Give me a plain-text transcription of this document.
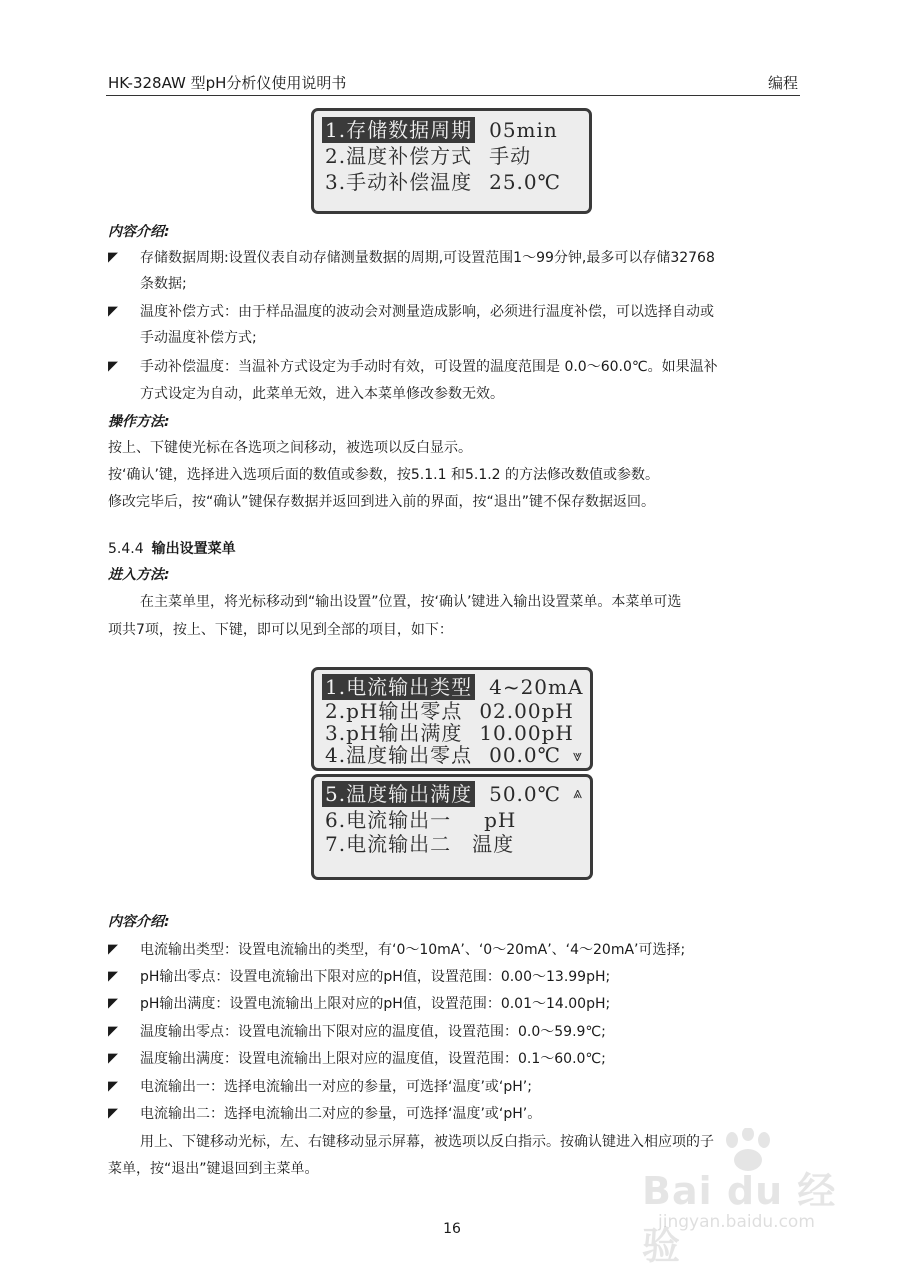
HK-328AW 型pH分析仪使用说明书	编程
1.存储数据周期 05min
2.温度补偿方式 手动
3.手动补偿温度 25.0℃
内容介绍:
◤ 存储数据周期:设置仪表自动存储测量数据的周期,可设置范围1～99分钟,最多可以存储32768
条数据;
◤ 温度补偿方式：由于样品温度的波动会对测量造成影响，必须进行温度补偿，可以选择自动或
手动温度补偿方式;
◤ 手动补偿温度：当温补方式设定为手动时有效，可设置的温度范围是 0.0～60.0℃。如果温补
方式设定为自动，此菜单无效，进入本菜单修改参数无效。
操作方法:
按上、下键使光标在各选项之间移动，被选项以反白显示。
按‘确认’键，选择进入选项后面的数值或参数，按5.1.1 和5.1.2 的方法修改数值或参数。
修改完毕后，按“确认”键保存数据并返回到进入前的界面，按“退出”键不保存数据返回。
5.4.4 输出设置菜单
进入方法:
在主菜单里，将光标移动到“输出设置”位置，按‘确认’键进入输出设置菜单。本菜单可选
项共7项，按上、下键，即可以见到全部的项目，如下：
1.电流输出类型 4~20mA
2.pH输出零点 02.00pH
3.pH输出满度 10.00pH
4.温度输出零点 00.0℃ ⩔
5.温度输出满度 50.0℃
6.电流输出一 pH
7.电流输出二 温度
⩓
内容介绍:
◤ 电流输出类型：设置电流输出的类型，有‘0～10mA’、‘0～20mA’、‘4～20mA’可选择;
◤ pH输出零点：设置电流输出下限对应的pH值，设置范围：0.00～13.99pH;
◤ pH输出满度：设置电流输出上限对应的pH值，设置范围：0.01～14.00pH;
◤ 温度输出零点：设置电流输出下限对应的温度值，设置范围：0.0～59.9℃;
◤ 温度输出满度：设置电流输出上限对应的温度值，设置范围：0.1～60.0℃;
◤ 电流输出一：选择电流输出一对应的参量，可选择‘温度’或‘pH’;
◤ 电流输出二：选择电流输出二对应的参量，可选择‘温度’或‘pH’。
用上、下键移动光标，左、右键移动显示屏幕，被选项以反白指示。按确认键进入相应项的子
菜单，按“退出”键退回到主菜单。
16
Bai du 经验
jingyan.baidu.com
